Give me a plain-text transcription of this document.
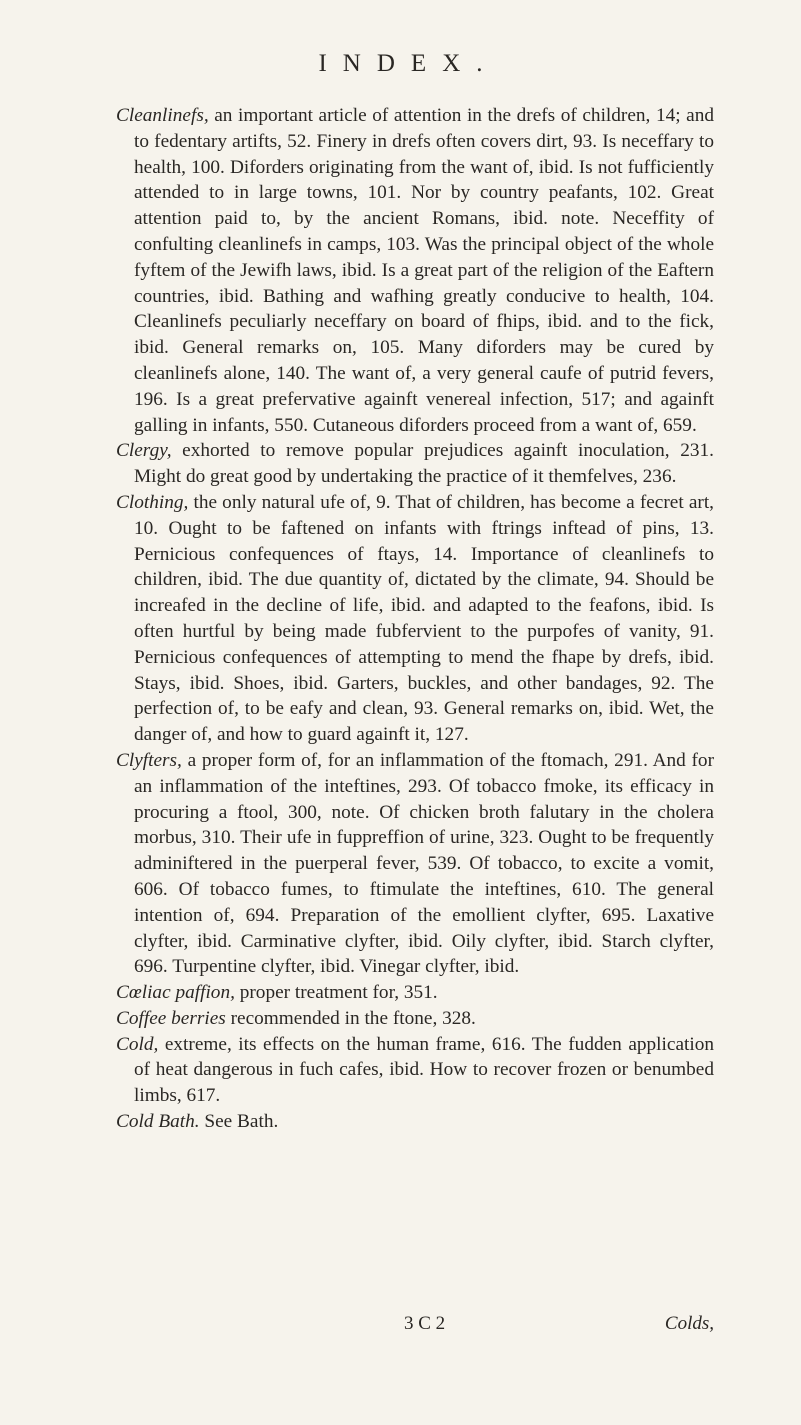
INDEX.

Cleanlinefs, an important article of attention in the drefs of children, 14; and to fedentary artifts, 52. Finery in drefs often covers dirt, 93. Is neceffary to health, 100. Diforders originating from the want of, ibid. Is not fufficiently attended to in large towns, 101. Nor by country peafants, 102. Great attention paid to, by the ancient Romans, ibid. note. Neceffity of confulting cleanlinefs in camps, 103. Was the principal object of the whole fyftem of the Jewifh laws, ibid. Is a great part of the religion of the Eaftern countries, ibid. Bathing and wafhing greatly conducive to health, 104. Cleanlinefs peculiarly neceffary on board of fhips, ibid. and to the fick, ibid. General remarks on, 105. Many diforders may be cured by cleanlinefs alone, 140. The want of, a very general caufe of putrid fevers, 196. Is a great prefervative againft venereal infection, 517; and againft galling in infants, 550. Cutaneous diforders proceed from a want of, 659.

Clergy, exhorted to remove popular prejudices againft inoculation, 231. Might do great good by undertaking the practice of it themfelves, 236.

Clothing, the only natural ufe of, 9. That of children, has become a fecret art, 10. Ought to be faftened on infants with ftrings inftead of pins, 13. Pernicious confequences of ftays, 14. Importance of cleanlinefs to children, ibid. The due quantity of, dictated by the climate, 94. Should be increafed in the decline of life, ibid. and adapted to the feafons, ibid. Is often hurtful by being made fubfervient to the purpofes of vanity, 91. Pernicious confequences of attempting to mend the fhape by drefs, ibid. Stays, ibid. Shoes, ibid. Garters, buckles, and other bandages, 92. The perfection of, to be eafy and clean, 93. General remarks on, ibid. Wet, the danger of, and how to guard againft it, 127.

Clyfters, a proper form of, for an inflammation of the ftomach, 291. And for an inflammation of the inteftines, 293. Of tobacco fmoke, its efficacy in procuring a ftool, 300, note. Of chicken broth falutary in the cholera morbus, 310. Their ufe in fuppreffion of urine, 323. Ought to be frequently adminiftered in the puerperal fever, 539. Of tobacco, to excite a vomit, 606. Of tobacco fumes, to ftimulate the inteftines, 610. The general intention of, 694. Preparation of the emollient clyfter, 695. Laxative clyfter, ibid. Carminative clyfter, ibid. Oily clyfter, ibid. Starch clyfter, 696. Turpentine clyfter, ibid. Vinegar clyfter, ibid.

Cœliac paffion, proper treatment for, 351.

Coffee berries recommended in the ftone, 328.

Cold, extreme, its effects on the human frame, 616. The fudden application of heat dangerous in fuch cafes, ibid. How to recover frozen or benumbed limbs, 617.

Cold Bath. See Bath.

3 C 2	Colds,
